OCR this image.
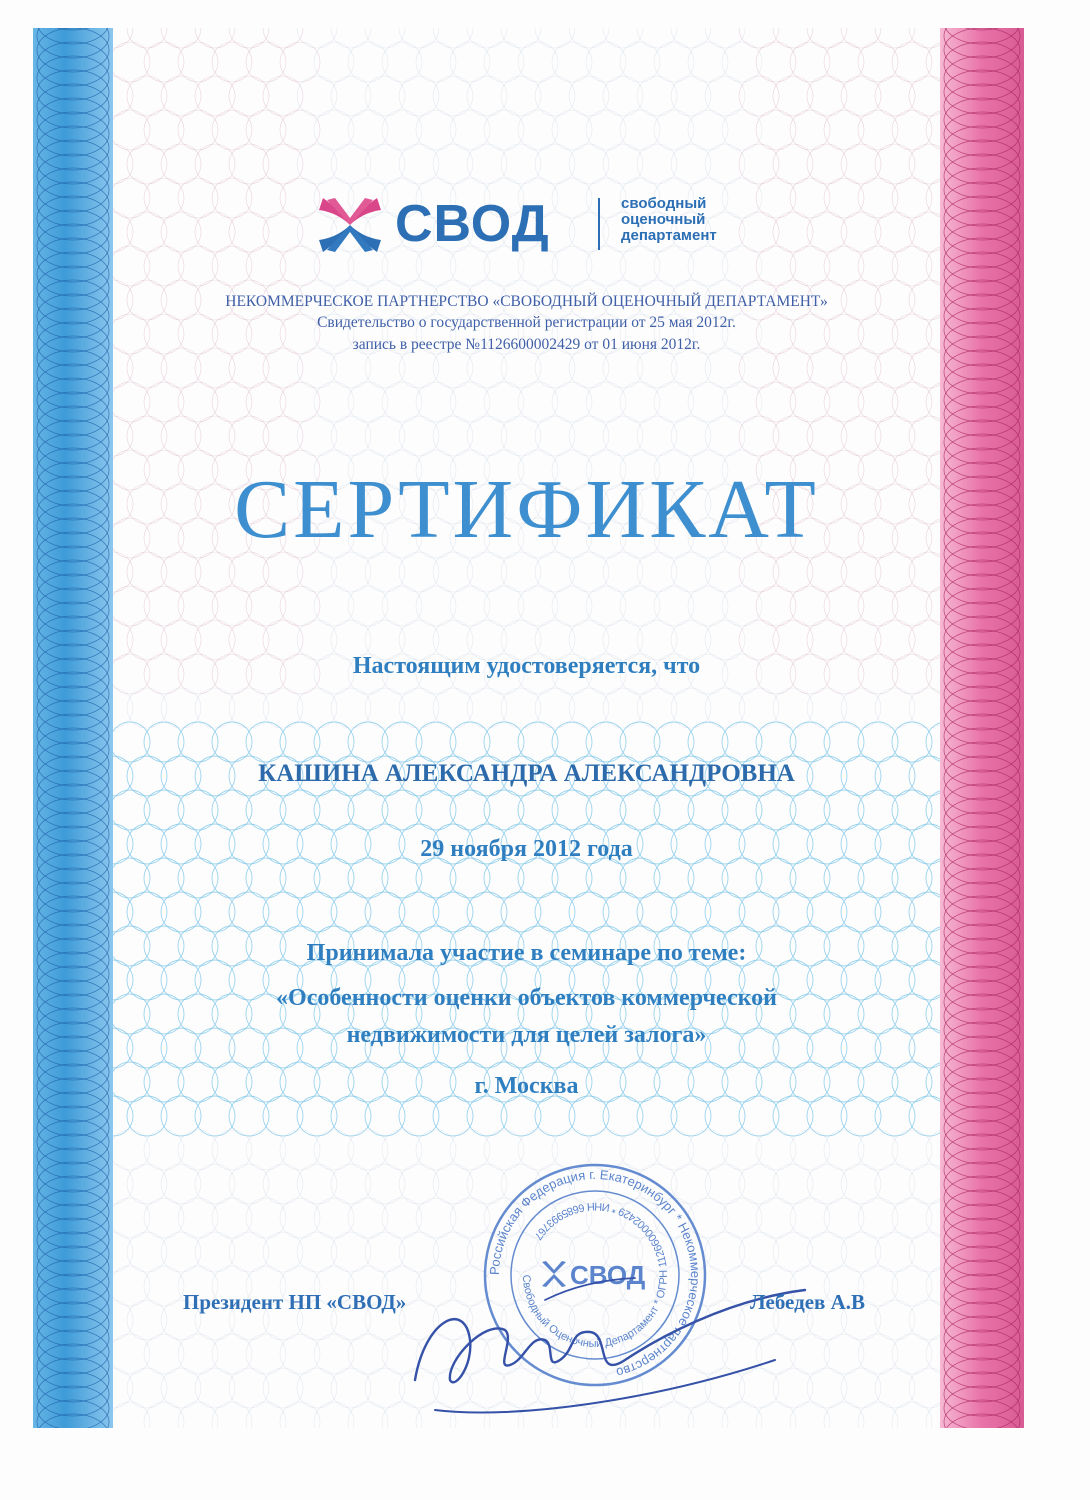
СВОД	свободный
оценочный
департамент
НЕКОММЕРЧЕСКОЕ ПАРТНЕРСТВО «СВОБОДНЫЙ ОЦЕНОЧНЫЙ ДЕПАРТАМЕНТ»
Свидетельство о государственной регистрации от 25 мая 2012г.
запись в реестре №1126600002429 от 01 июня 2012г.
СЕРТИФИКАТ
Настоящим удостоверяется, что
КАШИНА АЛЕКСАНДРА АЛЕКСАНДРОВНА
29 ноября 2012 года
Принимала участие в семинаре по теме:
«Особенности оценки объектов коммерческой
недвижимости для целей залога»
г. Москва
Российская Федерация г. Екатеринбург * Некоммерческое партнерство
Свободный Оценочный Департамент * ОГРН 1126600002429 * ИНН 6685993767
СВОД
Президент НП «СВОД»	Лебедев А.В
